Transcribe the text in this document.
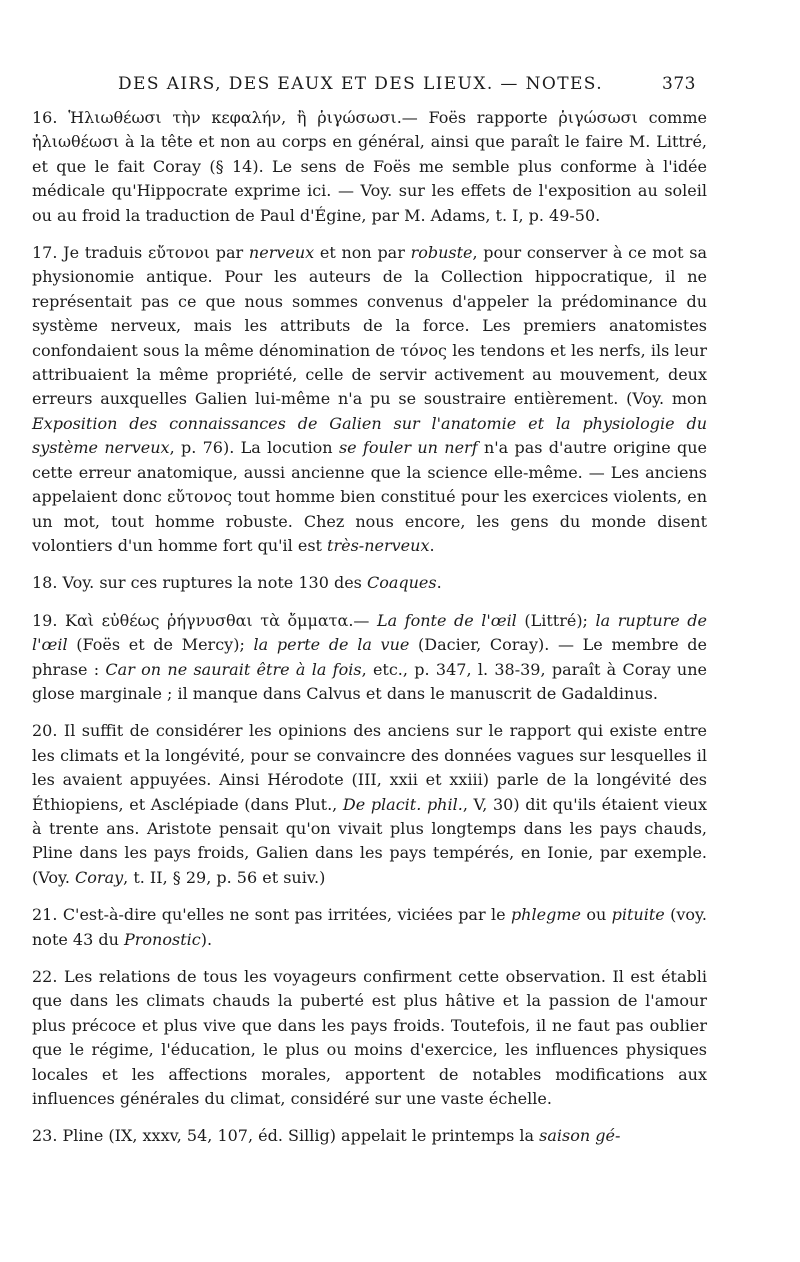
DES AIRS, DES EAUX ET DES LIEUX. — NOTES.	373

16. Ἡλιωθέωσι τὴν κεφαλήν, ἢ ῥιγώσωσι.— Foës rapporte ῥιγώσωσι comme ἡλιωθέωσι à la tête et non au corps en général, ainsi que paraît le faire M. Littré, et que le fait Coray (§ 14). Le sens de Foës me semble plus conforme à l'idée médicale qu'Hippocrate exprime ici. — Voy. sur les effets de l'exposition au soleil ou au froid la traduction de Paul d'Égine, par M. Adams, t. I, p. 49-50.

17. Je traduis εὔτονοι par nerveux et non par robuste, pour conserver à ce mot sa physionomie antique. Pour les auteurs de la Collection hippocratique, il ne représentait pas ce que nous sommes convenus d'appeler la prédominance du système nerveux, mais les attributs de la force. Les premiers anatomistes confondaient sous la même dénomination de τόνος les tendons et les nerfs, ils leur attribuaient la même propriété, celle de servir activement au mouvement, deux erreurs auxquelles Galien lui-même n'a pu se soustraire entièrement. (Voy. mon Exposition des connaissances de Galien sur l'anatomie et la physiologie du système nerveux, p. 76). La locution se fouler un nerf n'a pas d'autre origine que cette erreur anatomique, aussi ancienne que la science elle-même. — Les anciens appelaient donc εὔτονος tout homme bien constitué pour les exercices violents, en un mot, tout homme robuste. Chez nous encore, les gens du monde disent volontiers d'un homme fort qu'il est très-nerveux.

18. Voy. sur ces ruptures la note 130 des Coaques.

19. Καὶ εὐθέως ῥήγνυσθαι τὰ ὄμματα.— La fonte de l'œil (Littré); la rupture de l'œil (Foës et de Mercy); la perte de la vue (Dacier, Coray). — Le membre de phrase : Car on ne saurait être à la fois, etc., p. 347, l. 38-39, paraît à Coray une glose marginale ; il manque dans Calvus et dans le manuscrit de Gadaldinus.

20. Il suffit de considérer les opinions des anciens sur le rapport qui existe entre les climats et la longévité, pour se convaincre des données vagues sur lesquelles il les avaient appuyées. Ainsi Hérodote (III, xxii et xxiii) parle de la longévité des Éthiopiens, et Asclépiade (dans Plut., De placit. phil., V, 30) dit qu'ils étaient vieux à trente ans. Aristote pensait qu'on vivait plus longtemps dans les pays chauds, Pline dans les pays froids, Galien dans les pays tempérés, en Ionie, par exemple. (Voy. Coray, t. II, § 29, p. 56 et suiv.)

21. C'est-à-dire qu'elles ne sont pas irritées, viciées par le phlegme ou pituite (voy. note 43 du Pronostic).

22. Les relations de tous les voyageurs confirment cette observation. Il est établi que dans les climats chauds la puberté est plus hâtive et la passion de l'amour plus précoce et plus vive que dans les pays froids. Toutefois, il ne faut pas oublier que le régime, l'éducation, le plus ou moins d'exercice, les influences physiques locales et les affections morales, apportent de notables modifications aux influences générales du climat, considéré sur une vaste échelle.

23. Pline (IX, xxxv, 54, 107, éd. Sillig) appelait le printemps la saison gé-
